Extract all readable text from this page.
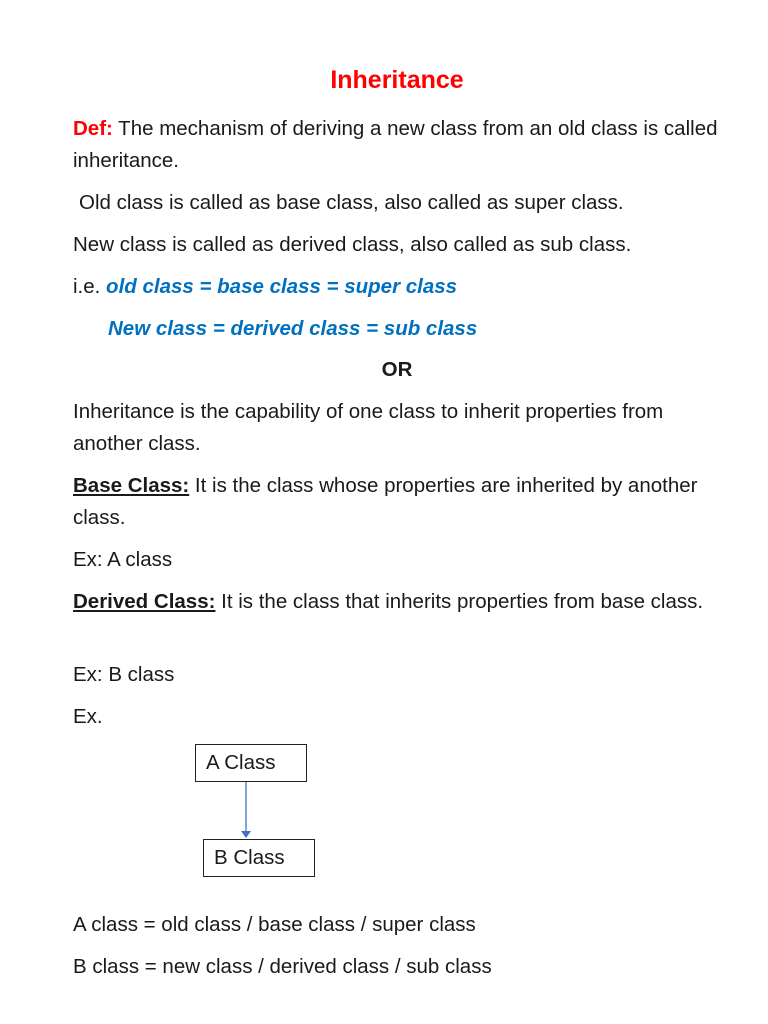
Inheritance

Def: The mechanism of deriving a new class from an old class is called inheritance.

Old class is called as base class, also called as super class.

New class is called as derived class, also called as sub class.

i.e. old class = base class = super class

New class = derived class = sub class

OR

Inheritance is the capability of one class to inherit properties from another class.

Base Class: It is the class whose properties are inherited by another class.

Ex: A class

Derived Class: It is the class that inherits properties from base class.

Ex: B class

Ex.

A Class
B Class

A class = old class / base class / super class

B class = new class / derived class / sub class
